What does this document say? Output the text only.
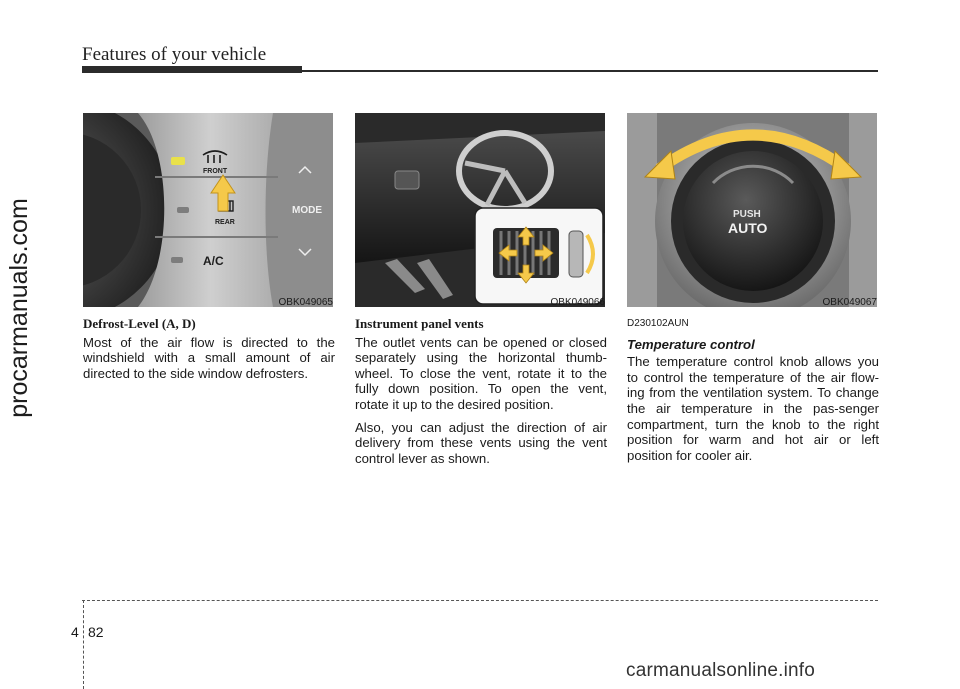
Features of your vehicle
procarmanuals.com
FRONT
REAR
A/C
MODE
OBK049065	OBK049066
PUSH
AUTO
OBK049067
Defrost-Level (A, D)

Most of the air flow is directed to the windshield with a small amount of air directed to the side window defrosters.

Instrument panel vents

The outlet vents can be opened or closed separately using the horizontal thumb-wheel. To close the vent, rotate it to the fully down position. To open the vent, rotate it up to the desired position.

Also, you can adjust the direction of air delivery from these vents using the vent control lever as shown.

D230102AUN
Temperature control

The temperature control knob allows you to control the temperature of the air flow-ing from the ventilation system. To change the air temperature in the pas-senger compartment, turn the knob to the right position for warm and hot air or left position for cooler air.

4 82
carmanualsonline.info
